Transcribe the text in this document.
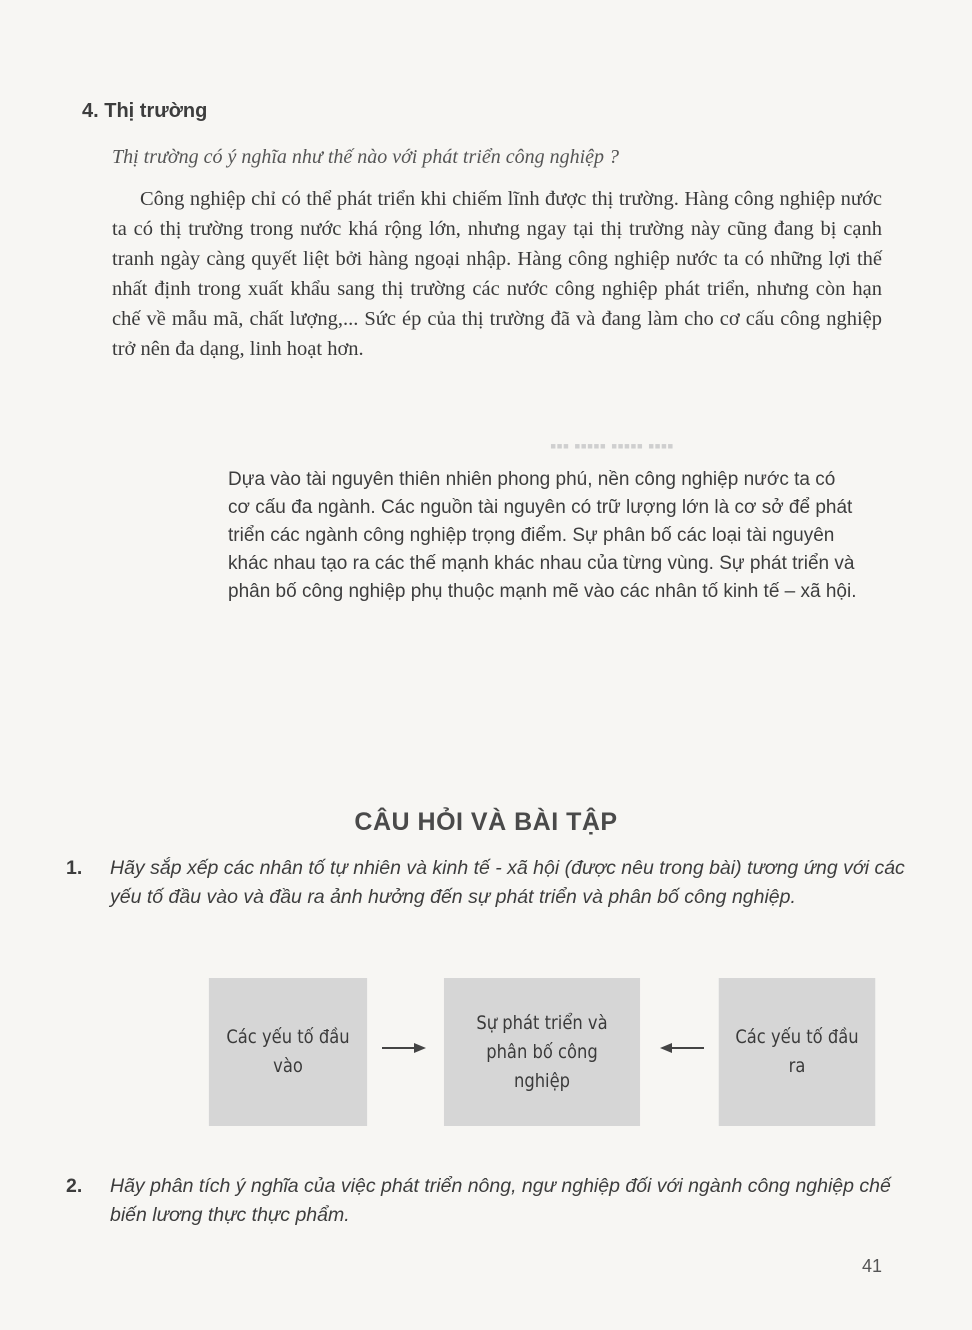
4. Thị trường

Thị trường có ý nghĩa như thế nào với phát triển công nghiệp ?

Công nghiệp chỉ có thể phát triển khi chiếm lĩnh được thị trường. Hàng công nghiệp nước ta có thị trường trong nước khá rộng lớn, nhưng ngay tại thị trường này cũng đang bị cạnh tranh ngày càng quyết liệt bởi hàng ngoại nhập. Hàng công nghiệp nước ta có những lợi thế nhất định trong xuất khẩu sang thị trường các nước công nghiệp phát triển, nhưng còn hạn chế về mẫu mã, chất lượng,... Sức ép của thị trường đã và đang làm cho cơ cấu công nghiệp trở nên đa dạng, linh hoạt hơn.

▪▪▪ ▪▪▪▪▪ ▪▪▪▪▪ ▪▪▪▪

Dựa vào tài nguyên thiên nhiên phong phú, nền công nghiệp nước ta có cơ cấu đa ngành. Các nguồn tài nguyên có trữ lượng lớn là cơ sở để phát triển các ngành công nghiệp trọng điểm. Sự phân bố các loại tài nguyên khác nhau tạo ra các thế mạnh khác nhau của từng vùng. Sự phát triển và phân bố công nghiệp phụ thuộc mạnh mẽ vào các nhân tố kinh tế – xã hội.

CÂU HỎI VÀ BÀI TẬP

1. Hãy sắp xếp các nhân tố tự nhiên và kinh tế - xã hội (được nêu trong bài) tương ứng với các yếu tố đầu vào và đầu ra ảnh hưởng đến sự phát triển và phân bố công nghiệp.

Các yếu tố đầu vào
Sự phát triển và phân bố công nghiệp
Các yếu tố đầu ra

2. Hãy phân tích ý nghĩa của việc phát triển nông, ngư nghiệp đối với ngành công nghiệp chế biến lương thực thực phẩm.

41
